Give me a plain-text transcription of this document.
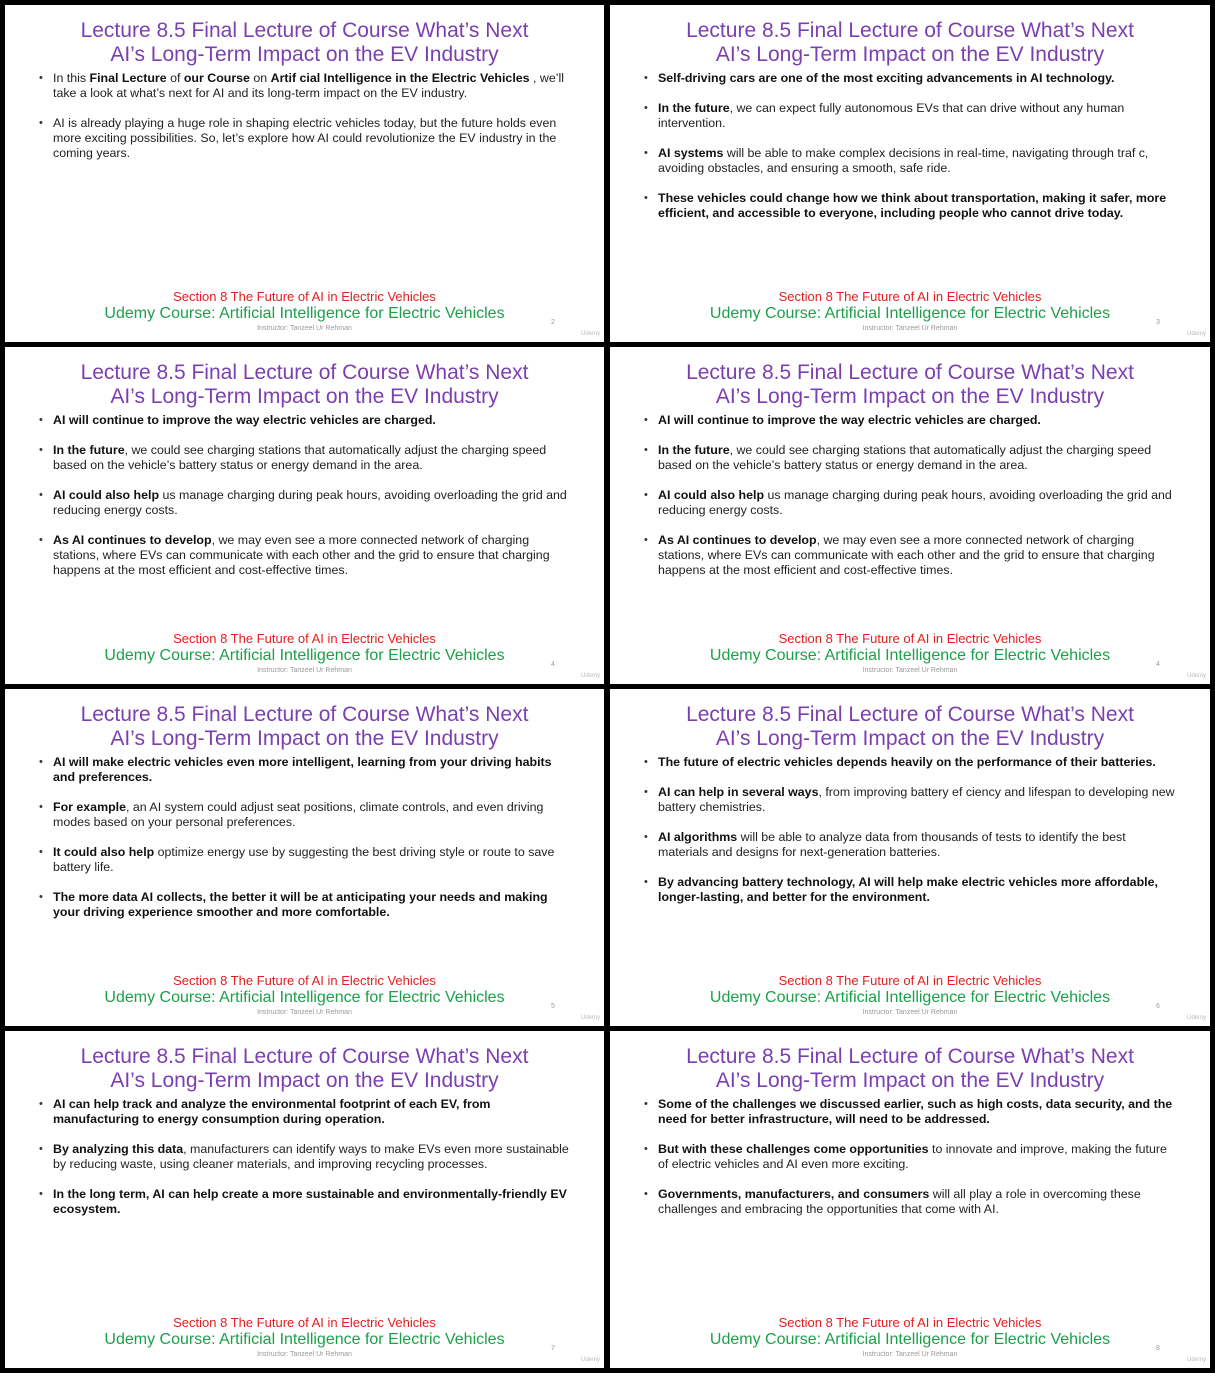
Lecture 8.5 Final Lecture of Course What’s Next
AI’s Long-Term Impact on the EV Industry
• In this Final Lecture of our Course on Artif cial Intelligence in the Electric Vehicles , we’ll take a look at what’s next for AI and its long-term impact on the EV industry.
• AI is already playing a huge role in shaping electric vehicles today, but the future holds even more exciting possibilities. So, let’s explore how AI could revolutionize the EV industry in the coming years.
Section 8 The Future of AI in Electric Vehicles
Udemy Course: Artificial Intelligence for Electric Vehicles
Instructor: Tanzeel Ur Rehman
2
Udemy
Lecture 8.5 Final Lecture of Course What’s Next
AI’s Long-Term Impact on the EV Industry
• Self-driving cars are one of the most exciting advancements in AI technology.
• In the future, we can expect fully autonomous EVs that can drive without any human intervention.
• AI systems will be able to make complex decisions in real-time, navigating through traf c, avoiding obstacles, and ensuring a smooth, safe ride.
• These vehicles could change how we think about transportation, making it safer, more efficient, and accessible to everyone, including people who cannot drive today.
Section 8 The Future of AI in Electric Vehicles
Udemy Course: Artificial Intelligence for Electric Vehicles
Instructor: Tanzeel Ur Rehman
3
Udemy
Lecture 8.5 Final Lecture of Course What’s Next
AI’s Long-Term Impact on the EV Industry
• AI will continue to improve the way electric vehicles are charged.
• In the future, we could see charging stations that automatically adjust the charging speed based on the vehicle’s battery status or energy demand in the area.
• AI could also help us manage charging during peak hours, avoiding overloading the grid and reducing energy costs.
• As AI continues to develop, we may even see a more connected network of charging stations, where EVs can communicate with each other and the grid to ensure that charging happens at the most efficient and cost-effective times.
Section 8 The Future of AI in Electric Vehicles
Udemy Course: Artificial Intelligence for Electric Vehicles
Instructor: Tanzeel Ur Rehman
4
Udemy
Lecture 8.5 Final Lecture of Course What’s Next
AI’s Long-Term Impact on the EV Industry
• AI will continue to improve the way electric vehicles are charged.
• In the future, we could see charging stations that automatically adjust the charging speed based on the vehicle’s battery status or energy demand in the area.
• AI could also help us manage charging during peak hours, avoiding overloading the grid and reducing energy costs.
• As AI continues to develop, we may even see a more connected network of charging stations, where EVs can communicate with each other and the grid to ensure that charging happens at the most efficient and cost-effective times.
Section 8 The Future of AI in Electric Vehicles
Udemy Course: Artificial Intelligence for Electric Vehicles
Instructor: Tanzeel Ur Rehman
4
Udemy
Lecture 8.5 Final Lecture of Course What’s Next
AI’s Long-Term Impact on the EV Industry
• AI will make electric vehicles even more intelligent, learning from your driving habits and preferences.
• For example, an AI system could adjust seat positions, climate controls, and even driving modes based on your personal preferences.
• It could also help optimize energy use by suggesting the best driving style or route to save battery life.
• The more data AI collects, the better it will be at anticipating your needs and making your driving experience smoother and more comfortable.
Section 8 The Future of AI in Electric Vehicles
Udemy Course: Artificial Intelligence for Electric Vehicles
Instructor: Tanzeel Ur Rehman
5
Udemy
Lecture 8.5 Final Lecture of Course What’s Next
AI’s Long-Term Impact on the EV Industry
• The future of electric vehicles depends heavily on the performance of their batteries.
• AI can help in several ways, from improving battery ef ciency and lifespan to developing new battery chemistries.
• AI algorithms will be able to analyze data from thousands of tests to identify the best materials and designs for next-generation batteries.
• By advancing battery technology, AI will help make electric vehicles more affordable, longer-lasting, and better for the environment.
Section 8 The Future of AI in Electric Vehicles
Udemy Course: Artificial Intelligence for Electric Vehicles
Instructor: Tanzeel Ur Rehman
6
Udemy
Lecture 8.5 Final Lecture of Course What’s Next
AI’s Long-Term Impact on the EV Industry
• AI can help track and analyze the environmental footprint of each EV, from manufacturing to energy consumption during operation.
• By analyzing this data, manufacturers can identify ways to make EVs even more sustainable by reducing waste, using cleaner materials, and improving recycling processes.
• In the long term, AI can help create a more sustainable and environmentally-friendly EV ecosystem.
Section 8 The Future of AI in Electric Vehicles
Udemy Course: Artificial Intelligence for Electric Vehicles
Instructor: Tanzeel Ur Rehman
7
Udemy
Lecture 8.5 Final Lecture of Course What’s Next
AI’s Long-Term Impact on the EV Industry
• Some of the challenges we discussed earlier, such as high costs, data security, and the need for better infrastructure, will need to be addressed.
• But with these challenges come opportunities to innovate and improve, making the future of electric vehicles and AI even more exciting.
• Governments, manufacturers, and consumers will all play a role in overcoming these challenges and embracing the opportunities that come with AI.
Section 8 The Future of AI in Electric Vehicles
Udemy Course: Artificial Intelligence for Electric Vehicles
Instructor: Tanzeel Ur Rehman
8
Udemy
